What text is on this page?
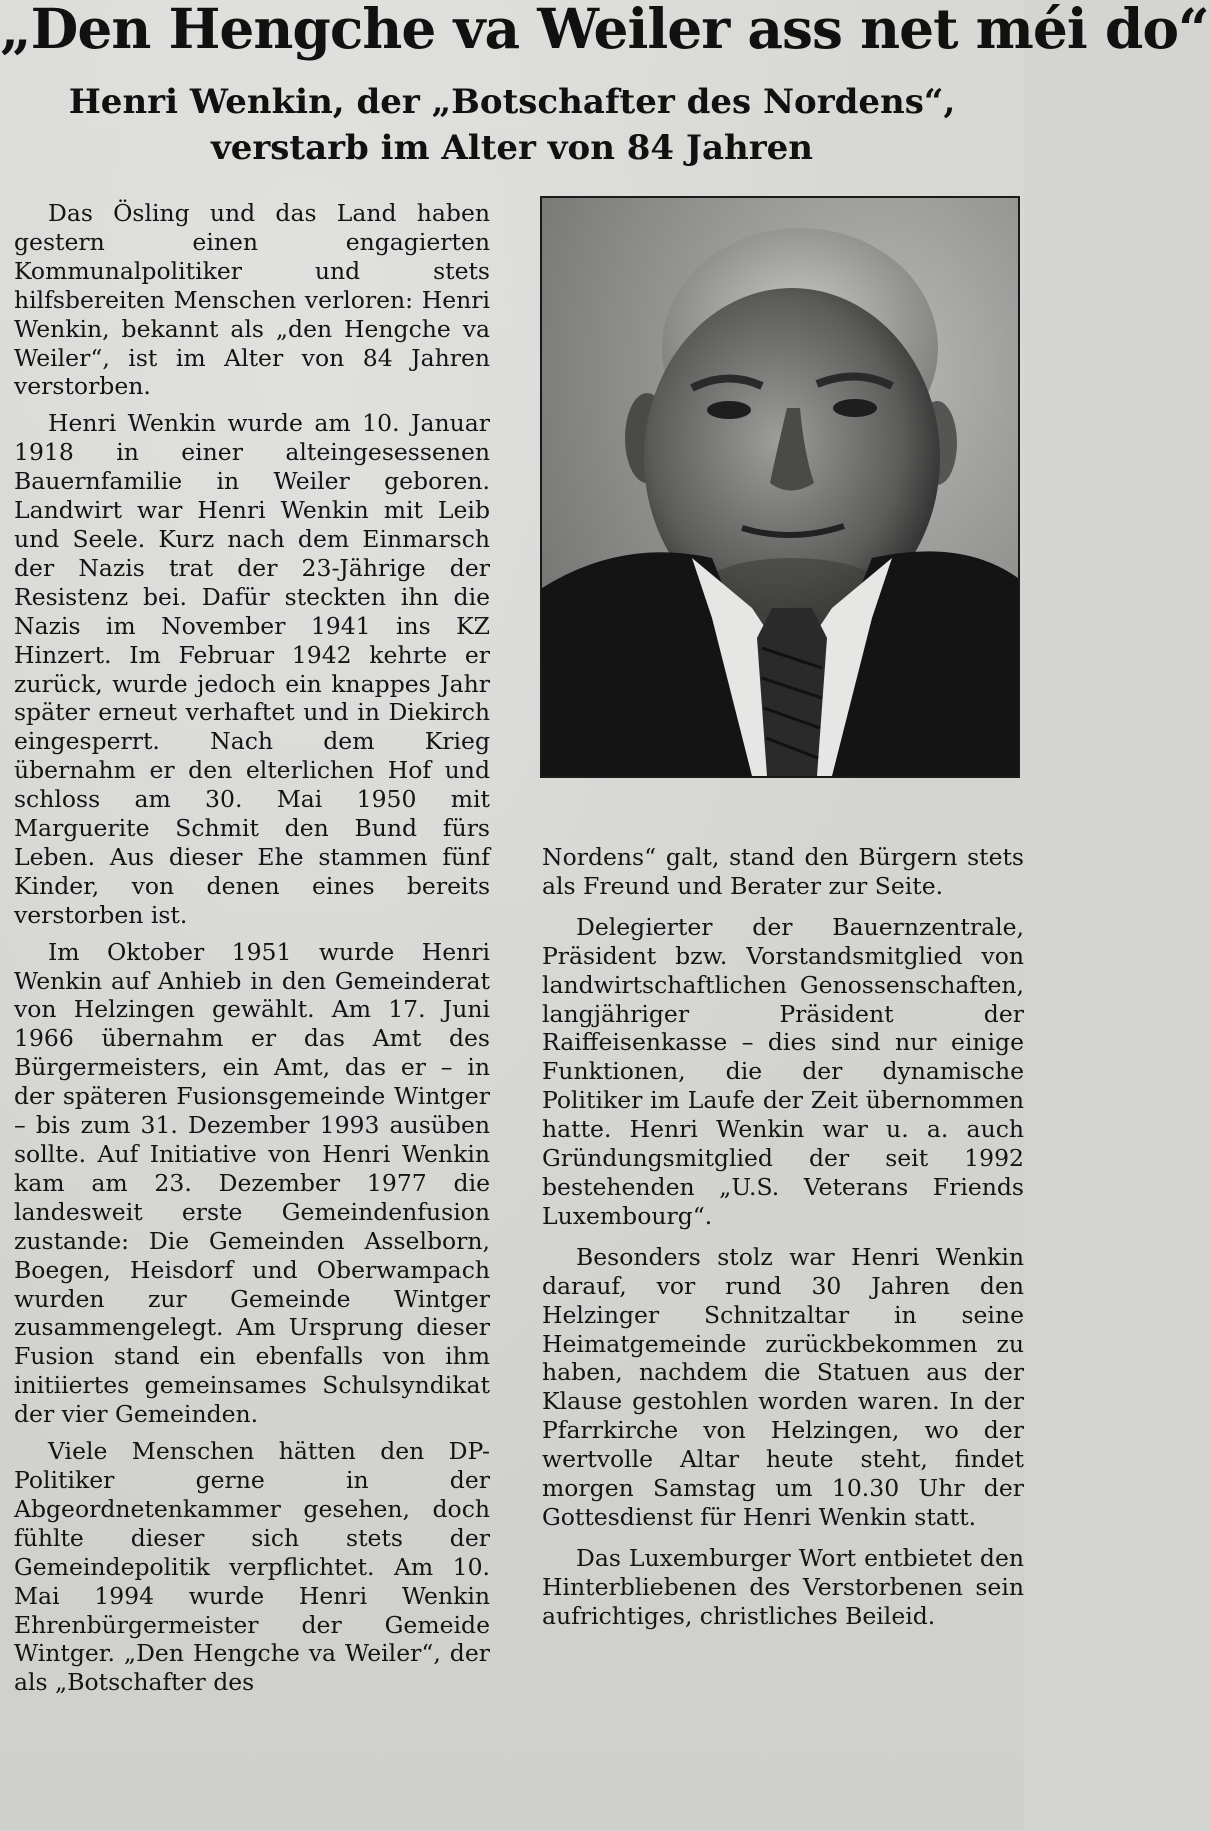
„Den Hengche va Weiler ass net méi do“
Henri Wenkin, der „Botschafter des Nordens“,
verstarb im Alter von 84 Jahren

Das Ösling und das Land haben gestern einen engagierten Kommunalpolitiker und stets hilfsbereiten Menschen verloren: Henri Wenkin, bekannt als „den Hengche va Weiler“, ist im Alter von 84 Jahren verstorben.

Henri Wenkin wurde am 10. Januar 1918 in einer alteingesessenen Bauernfamilie in Weiler geboren. Landwirt war Henri Wenkin mit Leib und Seele. Kurz nach dem Einmarsch der Nazis trat der 23-Jährige der Resistenz bei. Dafür steckten ihn die Nazis im November 1941 ins KZ Hinzert. Im Februar 1942 kehrte er zurück, wurde jedoch ein knappes Jahr später erneut verhaftet und in Diekirch eingesperrt. Nach dem Krieg übernahm er den elterlichen Hof und schloss am 30. Mai 1950 mit Marguerite Schmit den Bund fürs Leben. Aus dieser Ehe stammen fünf Kinder, von denen eines bereits verstorben ist.

Im Oktober 1951 wurde Henri Wenkin auf Anhieb in den Gemeinderat von Helzingen gewählt. Am 17. Juni 1966 übernahm er das Amt des Bürgermeisters, ein Amt, das er – in der späteren Fusionsgemeinde Wintger – bis zum 31. Dezember 1993 ausüben sollte. Auf Initiative von Henri Wenkin kam am 23. Dezember 1977 die landesweit erste Gemeindenfusion zustande: Die Gemeinden Asselborn, Boegen, Heisdorf und Oberwampach wurden zur Gemeinde Wintger zusammengelegt. Am Ursprung dieser Fusion stand ein ebenfalls von ihm initiiertes gemeinsames Schulsyndikat der vier Gemeinden.

Viele Menschen hätten den DP-Politiker gerne in der Abgeordnetenkammer gesehen, doch fühlte dieser sich stets der Gemeindepolitik verpflichtet. Am 10. Mai 1994 wurde Henri Wenkin Ehrenbürgermeister der Gemeide Wintger. „Den Hengche va Weiler“, der als „Botschafter des

Nordens“ galt, stand den Bürgern stets als Freund und Berater zur Seite.

Delegierter der Bauernzentrale, Präsident bzw. Vorstandsmitglied von landwirtschaftlichen Genossenschaften, langjähriger Präsident der Raiffeisenkasse – dies sind nur einige Funktionen, die der dynamische Politiker im Laufe der Zeit übernommen hatte. Henri Wenkin war u. a. auch Gründungsmitglied der seit 1992 bestehenden „U.S. Veterans Friends Luxembourg“.

Besonders stolz war Henri Wenkin darauf, vor rund 30 Jahren den Helzinger Schnitzaltar in seine Heimatgemeinde zurückbekommen zu haben, nachdem die Statuen aus der Klause gestohlen worden waren. In der Pfarrkirche von Helzingen, wo der wertvolle Altar heute steht, findet morgen Samstag um 10.30 Uhr der Gottesdienst für Henri Wenkin statt.

Das Luxemburger Wort entbietet den Hinterbliebenen des Verstorbenen sein aufrichtiges, christliches Beileid.
